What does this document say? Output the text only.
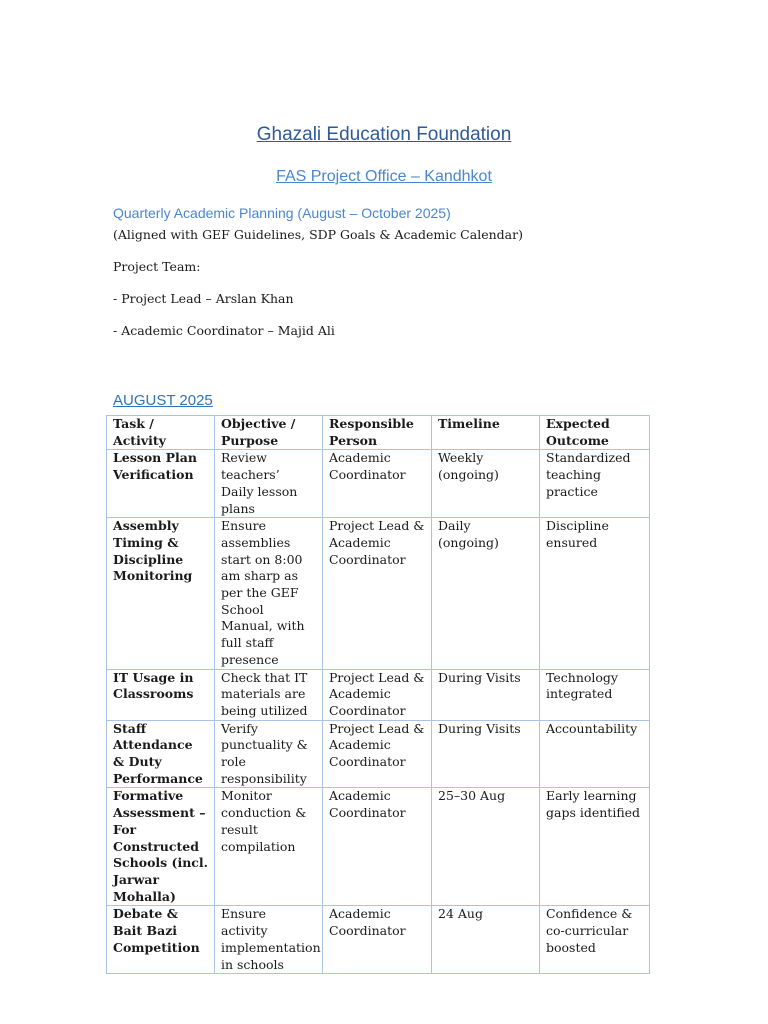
Ghazali Education Foundation
FAS Project Office – Kandhkot
Quarterly Academic Planning (August – October 2025)
(Aligned with GEF Guidelines, SDP Goals & Academic Calendar)
Project Team:
- Project Lead – Arslan Khan
- Academic Coordinator – Majid Ali
AUGUST 2025
Task / Activity	Objective / Purpose	Responsible Person	Timeline	Expected Outcome
Lesson Plan Verification	Review teachers’ Daily lesson plans	Academic Coordinator	Weekly (ongoing)	Standardized teaching practice
Assembly Timing & Discipline Monitoring	Ensure assemblies start on 8:00 am sharp as per the GEF School Manual, with full staff presence	Project Lead & Academic Coordinator	Daily (ongoing)	Discipline ensured
IT Usage in Classrooms	Check that IT materials are being utilized	Project Lead & Academic Coordinator	During Visits	Technology integrated
Staff Attendance & Duty Performance	Verify punctuality & role responsibility	Project Lead & Academic Coordinator	During Visits	Accountability
Formative Assessment – For Constructed Schools (incl. Jarwar Mohalla)	Monitor conduction & result compilation	Academic Coordinator	25–30 Aug	Early learning gaps identified
Debate & Bait Bazi Competition	Ensure activity implementation in schools	Academic Coordinator	24 Aug	Confidence & co-curricular boosted
